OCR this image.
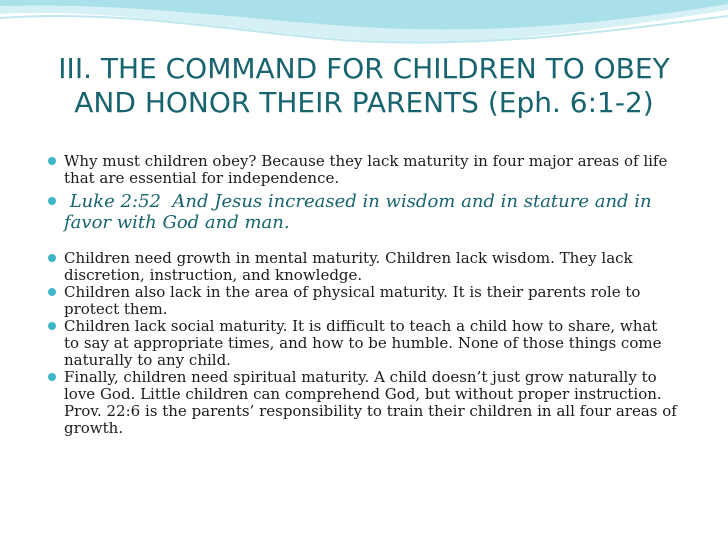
III. THE COMMAND FOR CHILDREN TO OBEY
AND HONOR THEIR PARENTS (Eph. 6:1-2)
Why must children obey? Because they lack maturity in four major areas of life
that are essential for independence.
Luke 2:52  And Jesus increased in wisdom and in stature and in
favor with God and man.
Children need growth in mental maturity. Children lack wisdom. They lack
discretion, instruction, and knowledge.
Children also lack in the area of physical maturity. It is their parents role to
protect them.
Children lack social maturity. It is difficult to teach a child how to share, what
to say at appropriate times, and how to be humble. None of those things come
naturally to any child.
Finally, children need spiritual maturity. A child doesn’t just grow naturally to
love God. Little children can comprehend God, but without proper instruction.
Prov. 22:6 is the parents’ responsibility to train their children in all four areas of
growth.
